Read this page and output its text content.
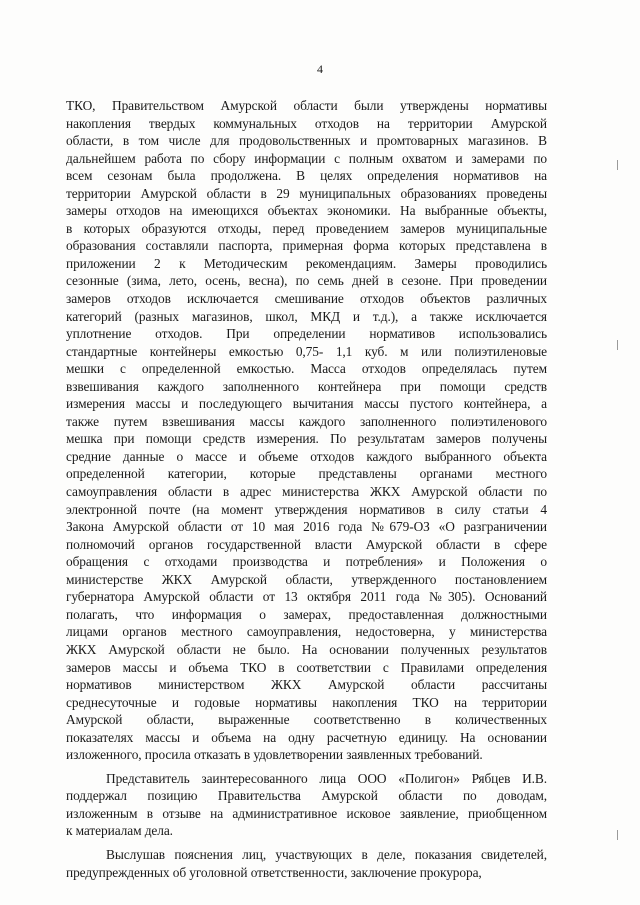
4
ТКО, Правительством Амурской области были утверждены нормативы
накопления твердых коммунальных отходов на территории Амурской
области, в том числе для продовольственных и промтоварных магазинов. В
дальнейшем работа по сбору информации с полным охватом и замерами по
всем сезонам была продолжена. В целях определения нормативов на
территории Амурской области в 29 муниципальных образованиях проведены
замеры отходов на имеющихся объектах экономики. На выбранные объекты,
в которых образуются отходы, перед проведением замеров муниципальные
образования составляли паспорта, примерная форма которых представлена в
приложении 2 к Методическим рекомендациям. Замеры проводились
сезонные (зима, лето, осень, весна), по семь дней в сезоне. При проведении
замеров отходов исключается смешивание отходов объектов различных
категорий (разных магазинов, школ, МКД и т.д.), а также исключается
уплотнение отходов. При определении нормативов использовались
стандартные контейнеры емкостью 0,75- 1,1 куб. м или полиэтиленовые
мешки с определенной емкостью. Масса отходов определялась путем
взвешивания каждого заполненного контейнера при помощи средств
измерения массы и последующего вычитания массы пустого контейнера, а
также путем взвешивания массы каждого заполненного полиэтиленового
мешка при помощи средств измерения. По результатам замеров получены
средние данные о массе и объеме отходов каждого выбранного объекта
определенной категории, которые представлены органами местного
самоуправления области в адрес министерства ЖКХ Амурской области по
электронной почте (на момент утверждения нормативов в силу статьи 4
Закона Амурской области от 10 мая 2016 года №679-ОЗ «О разграничении
полномочий органов государственной власти Амурской области в сфере
обращения с отходами производства и потребления» и Положения о
министерстве ЖКХ Амурской области, утвержденного постановлением
губернатора Амурской области от 13 октября 2011 года №305). Оснований
полагать, что информация о замерах, предоставленная должностными
лицами органов местного самоуправления, недостоверна, у министерства
ЖКХ Амурской области не было. На основании полученных результатов
замеров массы и объема ТКО в соответствии с Правилами определения
нормативов министерством ЖКХ Амурской области рассчитаны
среднесуточные и годовые нормативы накопления ТКО на территории
Амурской области, выраженные соответственно в количественных
показателях массы и объема на одну расчетную единицу. На основании
изложенного, просила отказать в удовлетворении заявленных требований.
Представитель заинтересованного лица ООО «Полигон» Рябцев И.В.
поддержал позицию Правительства Амурской области по доводам,
изложенным в отзыве на административное исковое заявление, приобщенном
к материалам дела.
Выслушав пояснения лиц, участвующих в деле, показания свидетелей,
предупрежденных об уголовной ответственности, заключение прокурора,
